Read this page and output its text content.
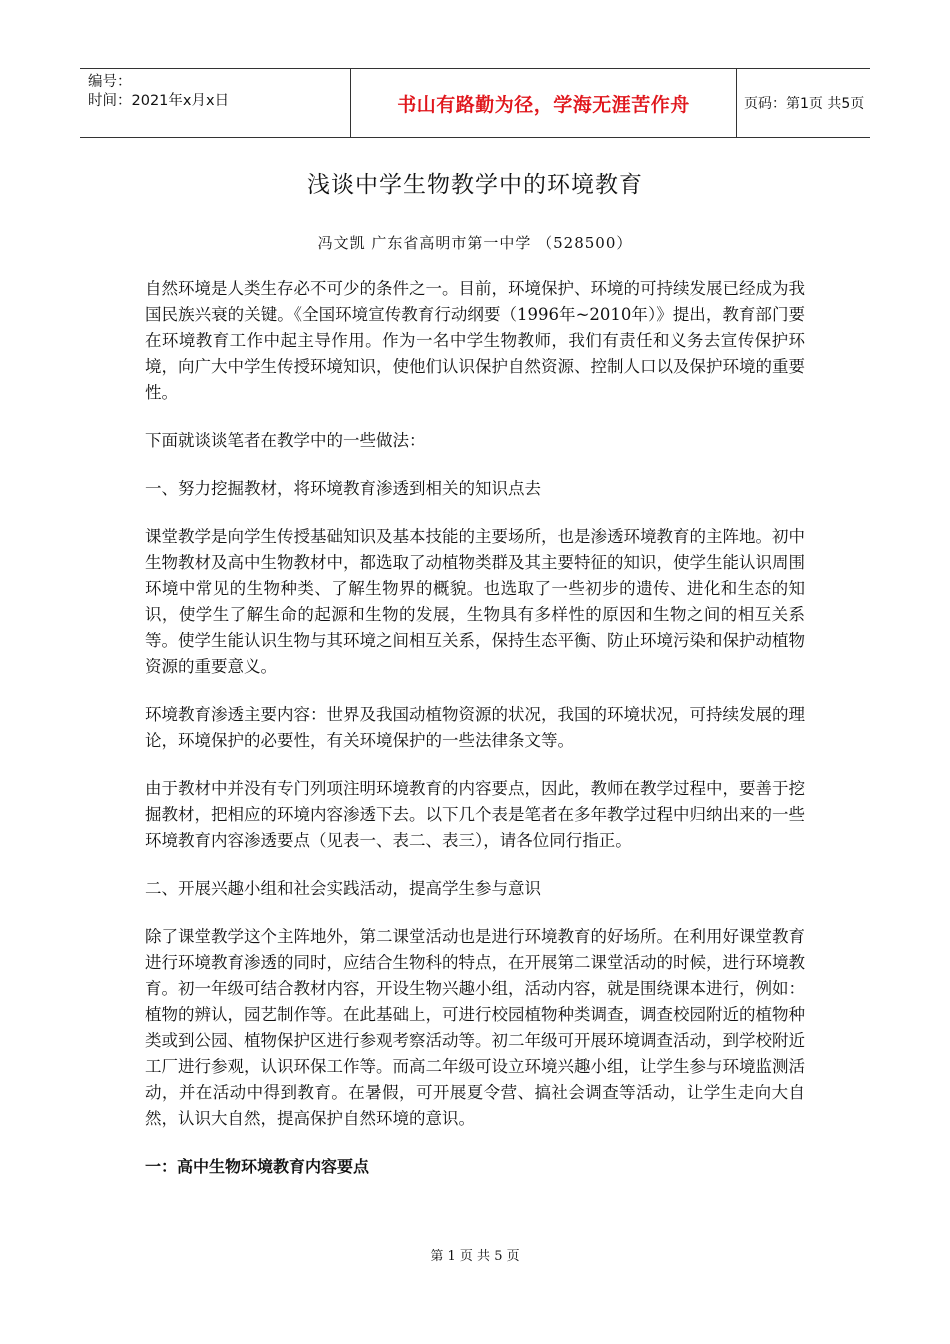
编号：
时间：2021年x月x日	书山有路勤为径，学海无涯苦作舟	页码：第1页 共5页
浅谈中学生物教学中的环境教育
冯文凯 广东省高明市第一中学 （528500）

自然环境是人类生存必不可少的条件之一。目前，环境保护、环境的可持续发展已经成为我国民族兴衰的关键。《全国环境宣传教育行动纲要（1996年~2010年）》提出，教育部门要在环境教育工作中起主导作用。作为一名中学生物教师，我们有责任和义务去宣传保护环境，向广大中学生传授环境知识，使他们认识保护自然资源、控制人口以及保护环境的重要性。

下面就谈谈笔者在教学中的一些做法：

一、努力挖掘教材，将环境教育渗透到相关的知识点去

课堂教学是向学生传授基础知识及基本技能的主要场所，也是渗透环境教育的主阵地。初中生物教材及高中生物教材中，都选取了动植物类群及其主要特征的知识，使学生能认识周围环境中常见的生物种类、了解生物界的概貌。也选取了一些初步的遗传、进化和生态的知识，使学生了解生命的起源和生物的发展，生物具有多样性的原因和生物之间的相互关系等。使学生能认识生物与其环境之间相互关系，保持生态平衡、防止环境污染和保护动植物资源的重要意义。

环境教育渗透主要内容：世界及我国动植物资源的状况，我国的环境状况，可持续发展的理论，环境保护的必要性，有关环境保护的一些法律条文等。

由于教材中并没有专门列项注明环境教育的内容要点，因此，教师在教学过程中，要善于挖掘教材，把相应的环境内容渗透下去。以下几个表是笔者在多年教学过程中归纳出来的一些环境教育内容渗透要点（见表一、表二、表三），请各位同行指正。

二、开展兴趣小组和社会实践活动，提高学生参与意识

除了课堂教学这个主阵地外，第二课堂活动也是进行环境教育的好场所。在利用好课堂教育进行环境教育渗透的同时，应结合生物科的特点，在开展第二课堂活动的时候，进行环境教育。初一年级可结合教材内容，开设生物兴趣小组，活动内容，就是围绕课本进行，例如：植物的辨认，园艺制作等。在此基础上，可进行校园植物种类调查，调查校园附近的植物种类或到公园、植物保护区进行参观考察活动等。初二年级可开展环境调查活动，到学校附近工厂进行参观，认识环保工作等。而高二年级可设立环境兴趣小组，让学生参与环境监测活动，并在活动中得到教育。在暑假，可开展夏令营、搞社会调查等活动，让学生走向大自然，认识大自然，提高保护自然环境的意识。

一：高中生物环境教育内容要点

第 1 页 共 5 页
